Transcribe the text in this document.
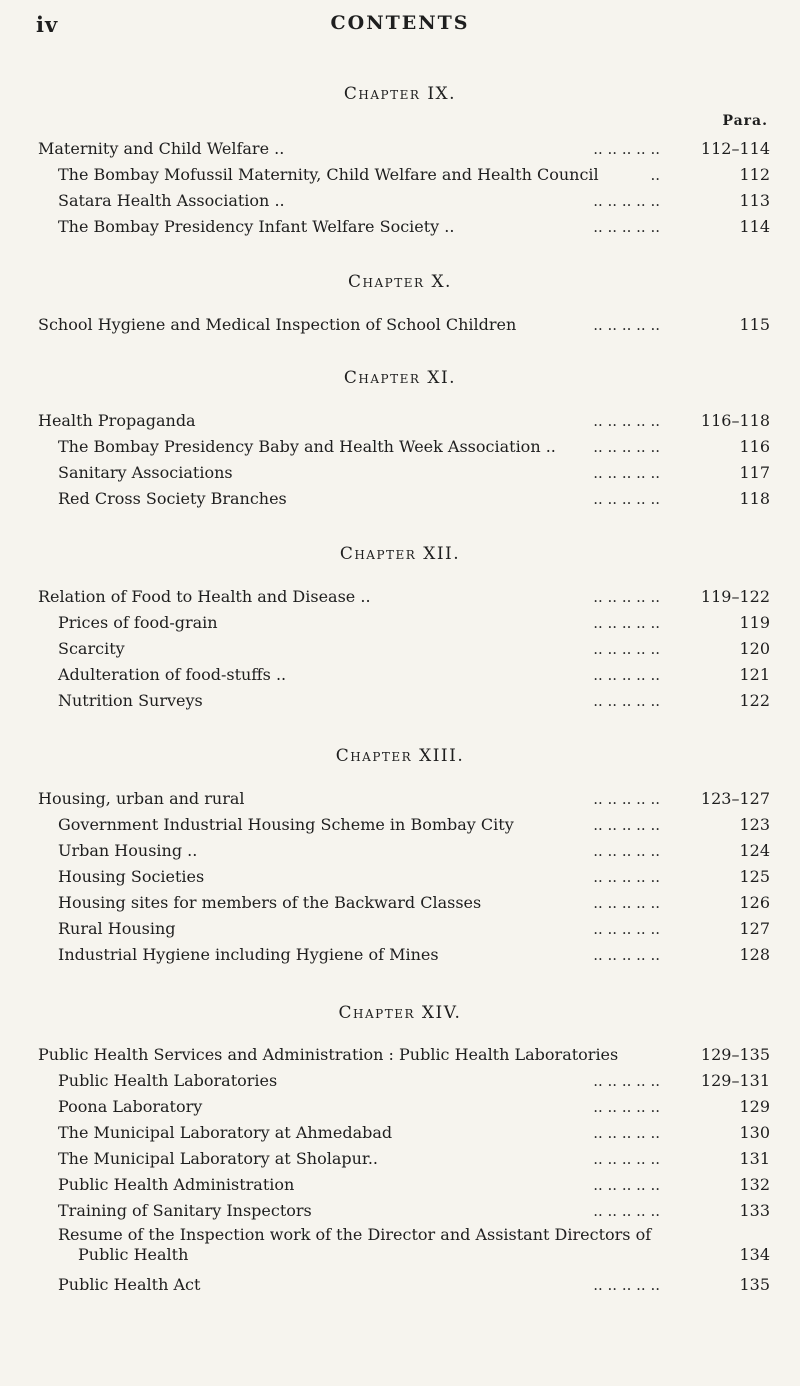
iv	CONTENTS
Chapter IX.
Para.
Maternity and Child Welfare ..	112–114
.. .. .. .. ..
The Bombay Mofussil Maternity, Child Welfare and Health Council	112
..
Satara Health Association ..	113
.. .. .. .. ..
The Bombay Presidency Infant Welfare Society ..	114
.. .. .. .. ..
Chapter X.
School Hygiene and Medical Inspection of School Children	115
.. .. .. .. ..
Chapter XI.
Health Propaganda	116–118
.. .. .. .. ..
The Bombay Presidency Baby and Health Week Association ..	116
.. .. .. .. ..
Sanitary Associations	117
.. .. .. .. ..
Red Cross Society Branches	118
.. .. .. .. ..
Chapter XII.
Relation of Food to Health and Disease ..	119–122
.. .. .. .. ..
Prices of food-grain	119
.. .. .. .. ..
Scarcity	120
.. .. .. .. ..
Adulteration of food-stuffs ..	121
.. .. .. .. ..
Nutrition Surveys	122
.. .. .. .. ..
Chapter XIII.
Housing, urban and rural	123–127
.. .. .. .. ..
Government Industrial Housing Scheme in Bombay City	123
.. .. .. .. ..
Urban Housing ..	124
.. .. .. .. ..
Housing Societies	125
.. .. .. .. ..
Housing sites for members of the Backward Classes	126
.. .. .. .. ..
Rural Housing	127
.. .. .. .. ..
Industrial Hygiene including Hygiene of Mines	128
.. .. .. .. ..
Chapter XIV.
Public Health Services and Administration : Public Health Laboratories	129–135
Public Health Laboratories	129–131
.. .. .. .. ..
Poona Laboratory	129
.. .. .. .. ..
The Municipal Laboratory at Ahmedabad	130
.. .. .. .. ..
The Municipal Laboratory at Sholapur..	131
.. .. .. .. ..
Public Health Administration	132
.. .. .. .. ..
Training of Sanitary Inspectors	133
.. .. .. .. ..
Resume of the Inspection work of the Director and Assistant Directors of
Public Health	134
Public Health Act	135
.. .. .. .. ..
